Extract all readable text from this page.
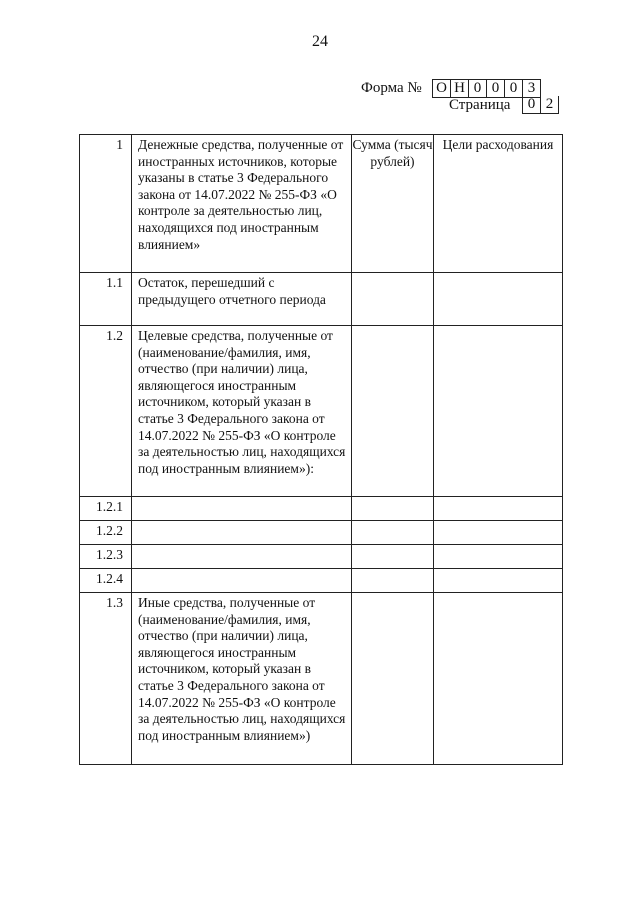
24
Форма № О Н 0 0 0 3
Страница	0 2
1	Денежные средства, полученные от иностранных источников, которые указаны в статье 3 Федерального закона от 14.07.2022 № 255-ФЗ «О контроле за деятельностью лиц, находящихся под иностранным влиянием»	Сумма (тысяч рублей)	Цели расходования
1.1	Остаток, перешедший с предыдущего отчетного периода		
1.2	Целевые средства, полученные от (наименование/фамилия, имя, отчество (при наличии) лица, являющегося иностранным источником, который указан в статье 3 Федерального закона от 14.07.2022 № 255-ФЗ «О контроле за деятельностью лиц, находящихся под иностранным влиянием»):		
1.2.1			
1.2.2			
1.2.3			
1.2.4			
1.3	Иные средства, полученные от (наименование/фамилия, имя, отчество (при наличии) лица, являющегося иностранным источником, который указан в статье 3 Федерального закона от 14.07.2022 № 255-ФЗ «О контроле за деятельностью лиц, находящихся под иностранным влиянием»)		
